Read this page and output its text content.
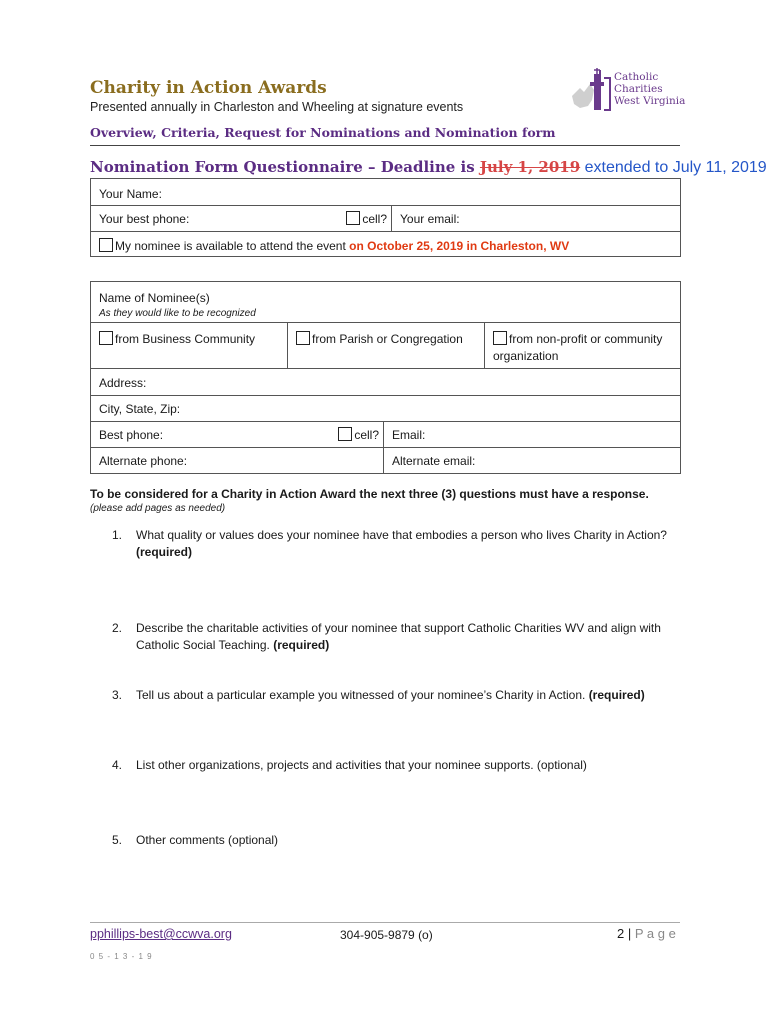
Charity in Action Awards
Presented annually in Charleston and Wheeling at signature events
Overview, Criteria, Request for Nominations and Nomination form
Catholic
Charities
West Virginia
Nomination Form Questionnaire – Deadline is July 1, 2019 extended to July 11, 2019
Your Name:
Your best phone:	cell?	Your email:
My nominee is available to attend the event on October 25, 2019 in Charleston, WV
Name of Nominee(s)
As they would like to be recognized

from Business Community	from Parish or Congregation	from non-profit or community organization
Address:	
City, State, Zip:	
Best phone: cell?	Email:
Alternate phone:	Alternate email:
To be considered for a Charity in Action Award the next three (3) questions must have a response.
(please add pages as needed)
1. What quality or values does your nominee have that embodies a person who lives Charity in Action? (required)
2. Describe the charitable activities of your nominee that support Catholic Charities WV and align with Catholic Social Teaching. (required)
3. Tell us about a particular example you witnessed of your nominee’s Charity in Action. (required)
4. List other organizations, projects and activities that your nominee supports. (optional)
5. Other comments (optional)
pphillips-best@ccwva.org	304-905-9879 (o)	2 | P a g e
0 5 - 1 3 - 1 9
